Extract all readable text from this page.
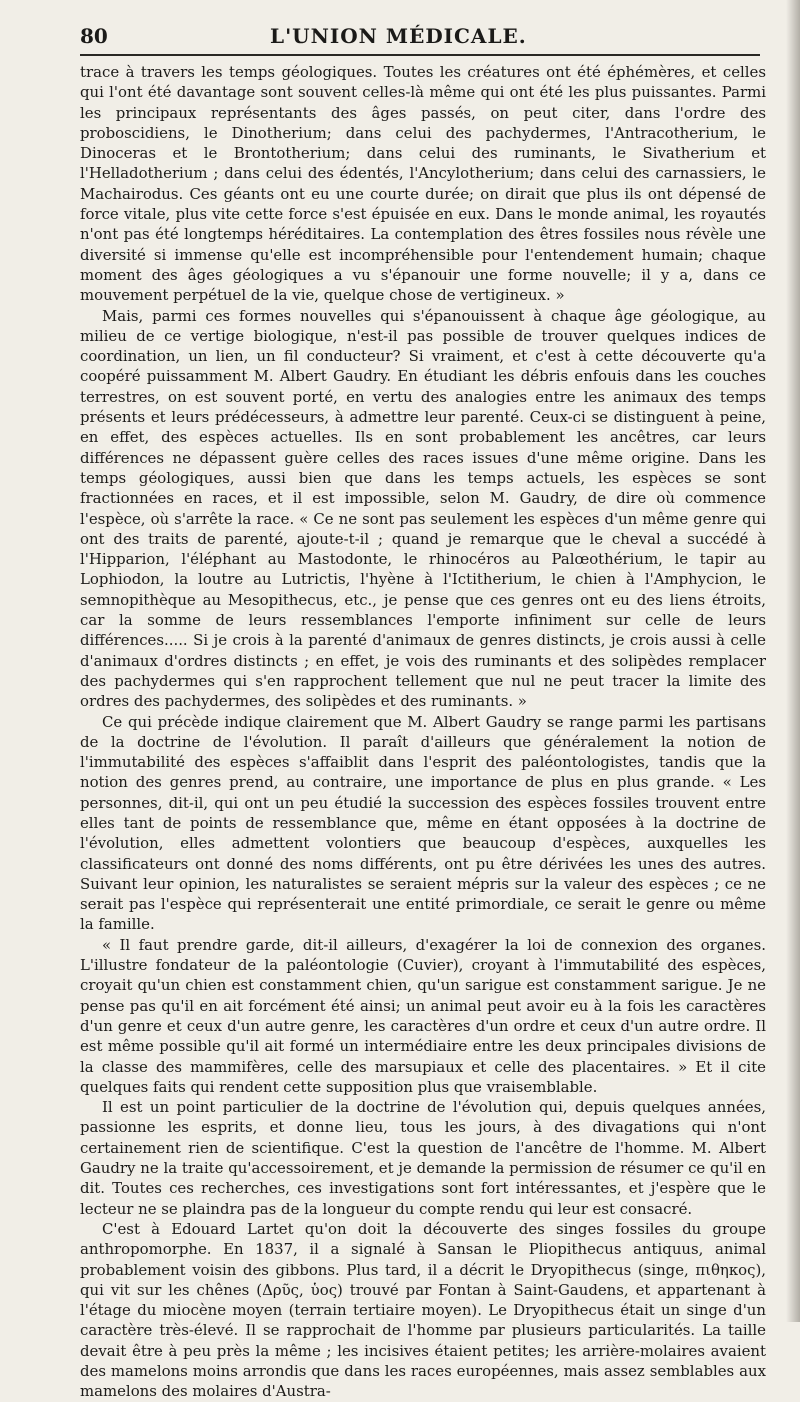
80	L'UNION MÉDICALE.

trace à travers les temps géologiques. Toutes les créatures ont été éphémères, et celles qui l'ont été davantage sont souvent celles-là même qui ont été les plus puissantes. Parmi les principaux représentants des âges passés, on peut citer, dans l'ordre des proboscidiens, le Dinotherium; dans celui des pachydermes, l'Antracotherium, le Dinoceras et le Brontotherium; dans celui des ruminants, le Sivatherium et l'Helladotherium ; dans celui des édentés, l'Ancylotherium; dans celui des carnassiers, le Machairodus. Ces géants ont eu une courte durée; on dirait que plus ils ont dépensé de force vitale, plus vite cette force s'est épuisée en eux. Dans le monde animal, les royautés n'ont pas été longtemps héréditaires. La contemplation des êtres fossiles nous révèle une diversité si immense qu'elle est incompréhensible pour l'entendement humain; chaque moment des âges géologiques a vu s'épanouir une forme nouvelle; il y a, dans ce mouvement perpétuel de la vie, quelque chose de vertigineux. »

Mais, parmi ces formes nouvelles qui s'épanouissent à chaque âge géologique, au milieu de ce vertige biologique, n'est-il pas possible de trouver quelques indices de coordination, un lien, un fil conducteur? Si vraiment, et c'est à cette découverte qu'a coopéré puissamment M. Albert Gaudry. En étudiant les débris enfouis dans les couches terrestres, on est souvent porté, en vertu des analogies entre les animaux des temps présents et leurs prédécesseurs, à admettre leur parenté. Ceux-ci se distinguent à peine, en effet, des espèces actuelles. Ils en sont probablement les ancêtres, car leurs différences ne dépassent guère celles des races issues d'une même origine. Dans les temps géologiques, aussi bien que dans les temps actuels, les espèces se sont fractionnées en races, et il est impossible, selon M. Gaudry, de dire où commence l'espèce, où s'arrête la race. « Ce ne sont pas seulement les espèces d'un même genre qui ont des traits de parenté, ajoute-t-il ; quand je remarque que le cheval a succédé à l'Hipparion, l'éléphant au Mastodonte, le rhinocéros au Palœothérium, le tapir au Lophiodon, la loutre au Lutrictis, l'hyène à l'Ictitherium, le chien à l'Amphycion, le semnopithèque au Mesopithecus, etc., je pense que ces genres ont eu des liens étroits, car la somme de leurs ressemblances l'emporte infiniment sur celle de leurs différences..... Si je crois à la parenté d'animaux de genres distincts, je crois aussi à celle d'animaux d'ordres distincts ; en effet, je vois des ruminants et des solipèdes remplacer des pachydermes qui s'en rapprochent tellement que nul ne peut tracer la limite des ordres des pachydermes, des solipèdes et des ruminants. »

Ce qui précède indique clairement que M. Albert Gaudry se range parmi les partisans de la doctrine de l'évolution. Il paraît d'ailleurs que généralement la notion de l'immutabilité des espèces s'affaiblit dans l'esprit des paléontologistes, tandis que la notion des genres prend, au contraire, une importance de plus en plus grande. « Les personnes, dit-il, qui ont un peu étudié la succession des espèces fossiles trouvent entre elles tant de points de ressemblance que, même en étant opposées à la doctrine de l'évolution, elles admettent volontiers que beaucoup d'espèces, auxquelles les classificateurs ont donné des noms différents, ont pu être dérivées les unes des autres. Suivant leur opinion, les naturalistes se seraient mépris sur la valeur des espèces ; ce ne serait pas l'espèce qui représenterait une entité primordiale, ce serait le genre ou même la famille.

« Il faut prendre garde, dit-il ailleurs, d'exagérer la loi de connexion des organes. L'illustre fondateur de la paléontologie (Cuvier), croyant à l'immutabilité des espèces, croyait qu'un chien est constamment chien, qu'un sarigue est constamment sarigue. Je ne pense pas qu'il en ait forcément été ainsi; un animal peut avoir eu à la fois les caractères d'un genre et ceux d'un autre genre, les caractères d'un ordre et ceux d'un autre ordre. Il est même possible qu'il ait formé un intermédiaire entre les deux principales divisions de la classe des mammifères, celle des marsupiaux et celle des placentaires. » Et il cite quelques faits qui rendent cette supposition plus que vraisemblable.

Il est un point particulier de la doctrine de l'évolution qui, depuis quelques années, passionne les esprits, et donne lieu, tous les jours, à des divagations qui n'ont certainement rien de scientifique. C'est la question de l'ancêtre de l'homme. M. Albert Gaudry ne la traite qu'accessoirement, et je demande la permission de résumer ce qu'il en dit. Toutes ces recherches, ces investigations sont fort intéressantes, et j'espère que le lecteur ne se plaindra pas de la longueur du compte rendu qui leur est consacré.

C'est à Edouard Lartet qu'on doit la découverte des singes fossiles du groupe anthropomorphe. En 1837, il a signalé à Sansan le Pliopithecus antiquus, animal probablement voisin des gibbons. Plus tard, il a décrit le Dryopithecus (singe, πιθηκος), qui vit sur les chênes (Δρῦς, ὑος) trouvé par Fontan à Saint-Gaudens, et appartenant à l'étage du miocène moyen (terrain tertiaire moyen). Le Dryopithecus était un singe d'un caractère très-élevé. Il se rapprochait de l'homme par plusieurs particularités. La taille devait être à peu près la même ; les incisives étaient petites; les arrière-molaires avaient des mamelons moins arrondis que dans les races européennes, mais assez semblables aux mamelons des molaires d'Austra-
